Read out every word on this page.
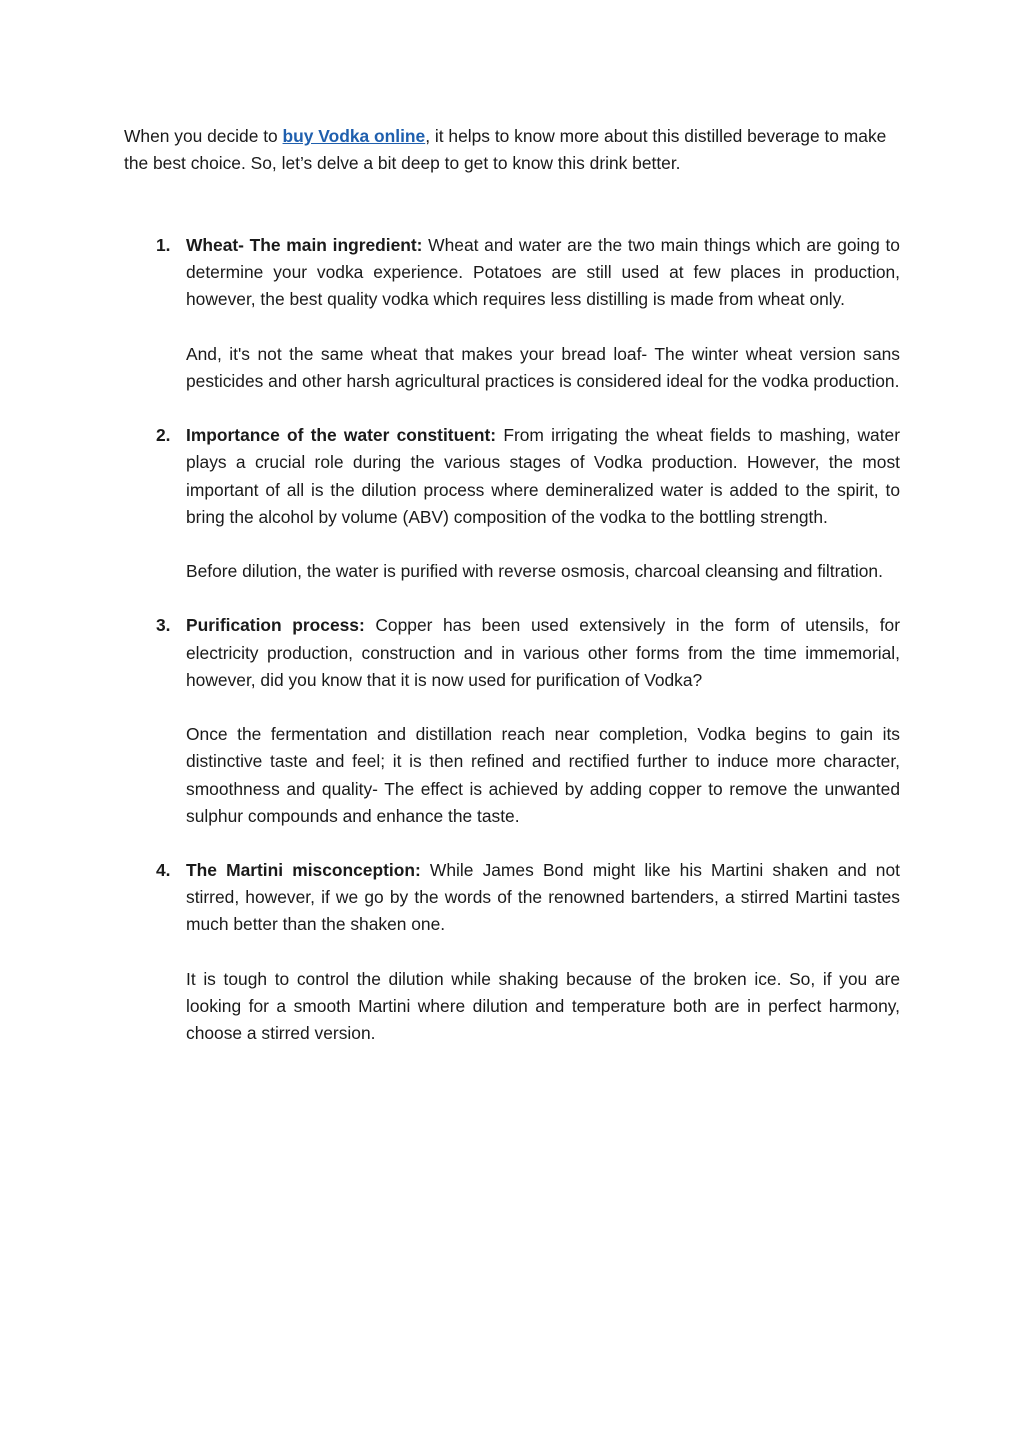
When you decide to buy Vodka online, it helps to know more about this distilled beverage to make the best choice. So, let’s delve a bit deep to get to know this drink better.

1. Wheat- The main ingredient: Wheat and water are the two main things which are going to determine your vodka experience. Potatoes are still used at few places in production, however, the best quality vodka which requires less distilling is made from wheat only.

And, it's not the same wheat that makes your bread loaf- The winter wheat version sans pesticides and other harsh agricultural practices is considered ideal for the vodka production.

2. Importance of the water constituent: From irrigating the wheat fields to mashing, water plays a crucial role during the various stages of Vodka production. However, the most important of all is the dilution process where demineralized water is added to the spirit, to bring the alcohol by volume (ABV) composition of the vodka to the bottling strength.

Before dilution, the water is purified with reverse osmosis, charcoal cleansing and filtration.

3. Purification process: Copper has been used extensively in the form of utensils, for electricity production, construction and in various other forms from the time immemorial, however, did you know that it is now used for purification of Vodka?

Once the fermentation and distillation reach near completion, Vodka begins to gain its distinctive taste and feel; it is then refined and rectified further to induce more character, smoothness and quality- The effect is achieved by adding copper to remove the unwanted sulphur compounds and enhance the taste.

4. The Martini misconception: While James Bond might like his Martini shaken and not stirred, however, if we go by the words of the renowned bartenders, a stirred Martini tastes much better than the shaken one.

It is tough to control the dilution while shaking because of the broken ice. So, if you are looking for a smooth Martini where dilution and temperature both are in perfect harmony, choose a stirred version.
